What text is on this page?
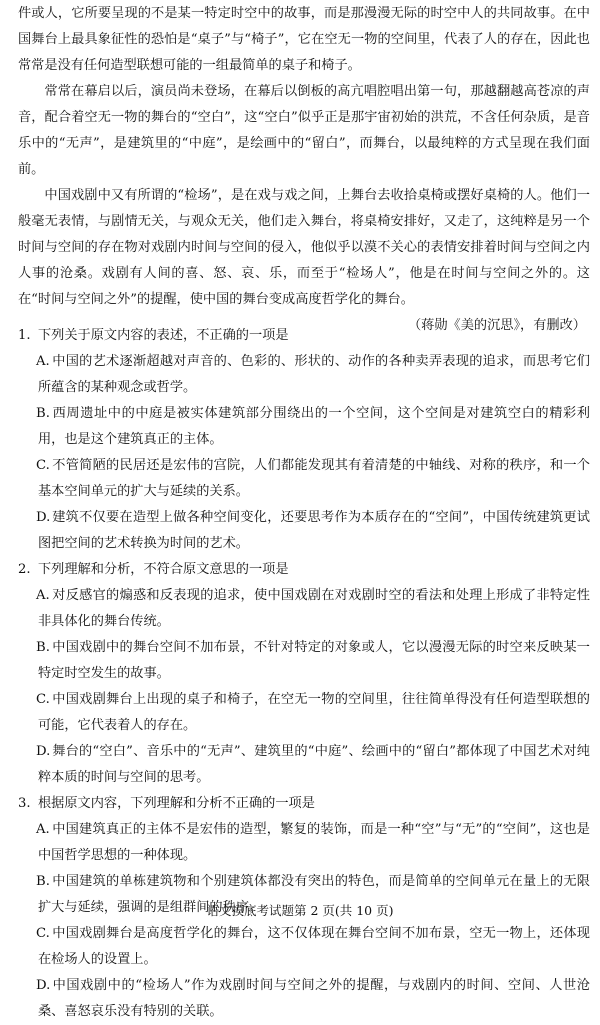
件或人，它所要呈现的不是某一特定时空中的故事，而是那漫漫无际的时空中人的共同故事。在中国舞台上最具象征性的恐怕是“桌子”与“椅子”，它在空无一物的空间里，代表了人的存在，因此也常常是没有任何造型联想可能的一组最简单的桌子和椅子。

常常在幕启以后，演员尚未登场，在幕后以倒板的高亢唱腔唱出第一句，那越翻越高苍凉的声音，配合着空无一物的舞台的“空白”，这“空白”似乎正是那宇宙初始的洪荒，不含任何杂质，是音乐中的“无声”，是建筑里的“中庭”，是绘画中的“留白”，而舞台，以最纯粹的方式呈现在我们面前。

中国戏剧中又有所谓的“检场”，是在戏与戏之间，上舞台去收拾桌椅或摆好桌椅的人。他们一般毫无表情，与剧情无关，与观众无关，他们走入舞台，将桌椅安排好，又走了，这纯粹是另一个时间与空间的存在物对戏剧内时间与空间的侵入，他似乎以漠不关心的表情安排着时间与空间之内人事的沧桑。戏剧有人间的喜、怒、哀、乐，而至于“检场人”，他是在时间与空间之外的。这在“时间与空间之外”的提醒，使中国的舞台变成高度哲学化的舞台。

（蒋勋《美的沉思》，有删改）

1. 下列关于原文内容的表述，不正确的一项是

A. 中国的艺术逐渐超越对声音的、色彩的、形状的、动作的各种卖弄表现的追求，而思考它们所蕴含的某种观念或哲学。

B. 西周遗址中的中庭是被实体建筑部分围绕出的一个空间，这个空间是对建筑空白的精彩利用，也是这个建筑真正的主体。

C. 不管简陋的民居还是宏伟的宫院，人们都能发现其有着清楚的中轴线、对称的秩序，和一个基本空间单元的扩大与延续的关系。

D. 建筑不仅要在造型上做各种空间变化，还要思考作为本质存在的“空间”，中国传统建筑更试图把空间的艺术转换为时间的艺术。

2. 下列理解和分析，不符合原文意思的一项是

A. 对反感官的煽惑和反表现的追求，使中国戏剧在对戏剧时空的看法和处理上形成了非特定性非具体化的舞台传统。

B. 中国戏剧中的舞台空间不加布景，不针对特定的对象或人，它以漫漫无际的时空来反映某一特定时空发生的故事。

C. 中国戏剧舞台上出现的桌子和椅子，在空无一物的空间里，往往简单得没有任何造型联想的可能，它代表着人的存在。

D. 舞台的“空白”、音乐中的“无声”、建筑里的“中庭”、绘画中的“留白”都体现了中国艺术对纯粹本质的时间与空间的思考。

3. 根据原文内容，下列理解和分析不正确的一项是

A. 中国建筑真正的主体不是宏伟的造型，繁复的装饰，而是一种“空”与“无”的“空间”，这也是中国哲学思想的一种体现。

B. 中国建筑的单栋建筑物和个别建筑体都没有突出的特色，而是简单的空间单元在量上的无限扩大与延续，强调的是组群间的秩序。

C. 中国戏剧舞台是高度哲学化的舞台，这不仅体现在舞台空间不加布景，空无一物上，还体现在检场人的设置上。

D. 中国戏剧中的“检场人”作为戏剧时间与空间之外的提醒，与戏剧内的时间、空间、人世沧桑、喜怒哀乐没有特别的关联。

语文摸底考试题第 2 页(共 10 页)
